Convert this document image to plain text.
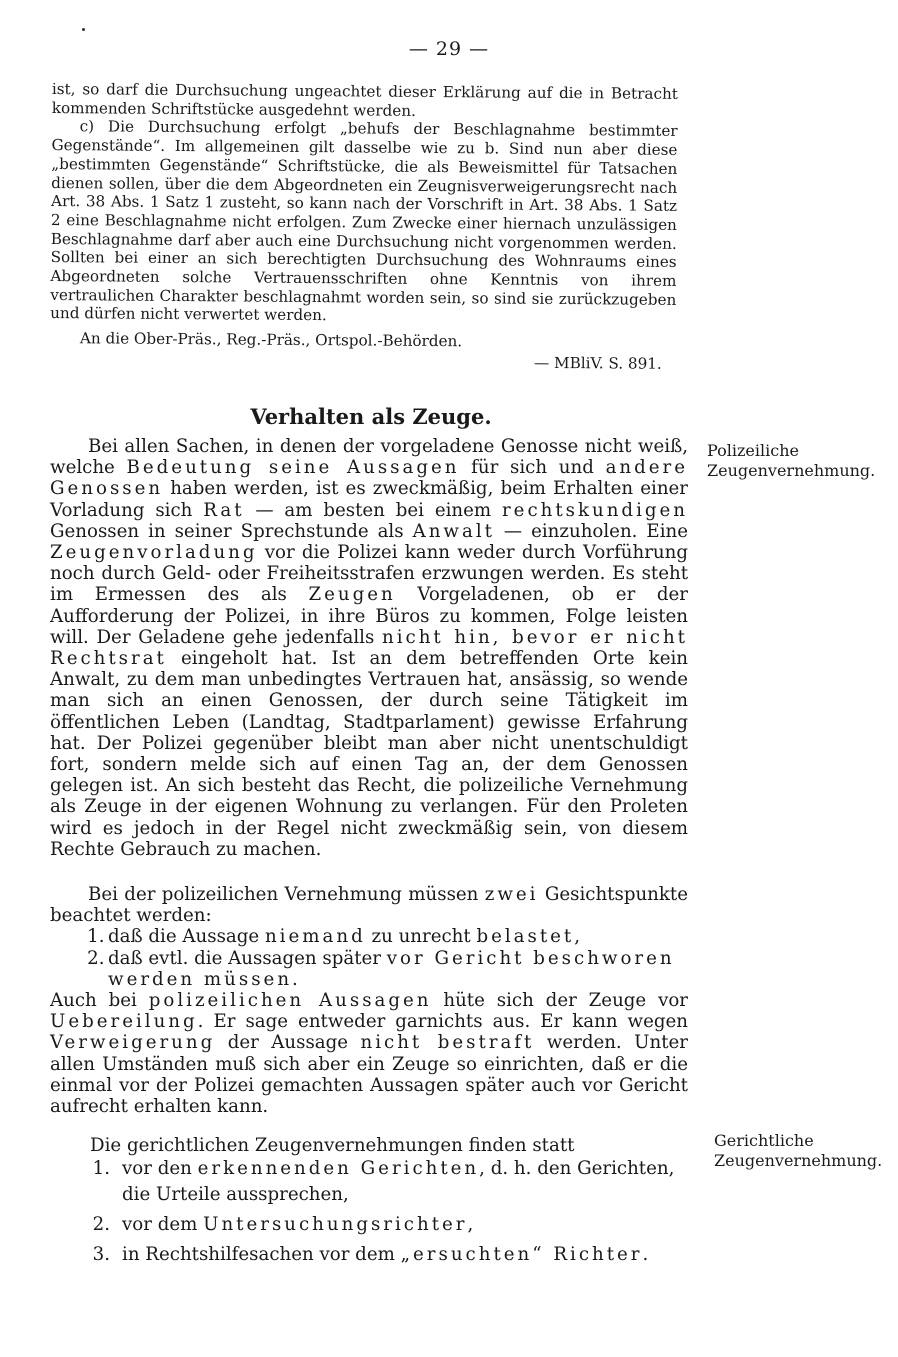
— 29 —

ist, so darf die Durchsuchung ungeachtet dieser Erklärung auf die in Betracht kommenden Schriftstücke ausgedehnt werden.

c) Die Durchsuchung erfolgt „behufs der Beschlagnahme bestimmter Gegenstände“. Im allgemeinen gilt dasselbe wie zu b. Sind nun aber diese „bestimmten Gegenstände“ Schriftstücke, die als Beweismittel für Tatsachen dienen sollen, über die dem Abgeordneten ein Zeugnisverweigerungsrecht nach Art. 38 Abs. 1 Satz 1 zusteht, so kann nach der Vorschrift in Art. 38 Abs. 1 Satz 2 eine Beschlagnahme nicht erfolgen. Zum Zwecke einer hiernach unzulässigen Beschlagnahme darf aber auch eine Durchsuchung nicht vorgenommen werden. Sollten bei einer an sich berechtigten Durchsuchung des Wohnraums eines Abgeordneten solche Vertrauensschriften ohne Kenntnis von ihrem vertraulichen Charakter beschlagnahmt worden sein, so sind sie zurückzugeben und dürfen nicht verwertet werden.

An die Ober-Präs., Reg.-Präs., Ortspol.-Behörden.

— MBliV. S. 891.

Verhalten als Zeuge.
Polizeiliche Zeugenvernehmung.
Gerichtliche Zeugenvernehmung.

Bei allen Sachen, in denen der vorgeladene Genosse nicht weiß, welche Bedeutung seine Aussagen für sich und andere Genossen haben werden, ist es zweckmäßig, beim Erhalten einer Vorladung sich Rat — am besten bei einem rechtskundigen Genossen in seiner Sprechstunde als Anwalt — einzuholen. Eine Zeugenvorladung vor die Polizei kann weder durch Vorführung noch durch Geld- oder Freiheitsstrafen erzwungen werden. Es steht im Ermessen des als Zeugen Vorgeladenen, ob er der Aufforderung der Polizei, in ihre Büros zu kommen, Folge leisten will. Der Geladene gehe jedenfalls nicht hin, bevor er nicht Rechtsrat eingeholt hat. Ist an dem betreffenden Orte kein Anwalt, zu dem man unbedingtes Vertrauen hat, ansässig, so wende man sich an einen Genossen, der durch seine Tätigkeit im öffentlichen Leben (Landtag, Stadtparlament) gewisse Erfahrung hat. Der Polizei gegenüber bleibt man aber nicht unentschuldigt fort, sondern melde sich auf einen Tag an, der dem Genossen gelegen ist. An sich besteht das Recht, die polizeiliche Vernehmung als Zeuge in der eigenen Wohnung zu verlangen. Für den Proleten wird es jedoch in der Regel nicht zweckmäßig sein, von diesem Rechte Gebrauch zu machen.

Bei der polizeilichen Vernehmung müssen zwei Gesichtspunkte beachtet werden:

1. daß die Aussage niemand zu unrecht belastet,
2. daß evtl. die Aussagen später vor Gericht beschworen werden müssen.

Auch bei polizeilichen Aussagen hüte sich der Zeuge vor Uebereilung. Er sage entweder garnichts aus. Er kann wegen Verweigerung der Aussage nicht bestraft werden. Unter allen Umständen muß sich aber ein Zeuge so einrichten, daß er die einmal vor der Polizei gemachten Aussagen später auch vor Gericht aufrecht erhalten kann.

Die gerichtlichen Zeugenvernehmungen finden statt

1. vor den erkennenden Gerichten, d. h. den Gerichten, die Urteile aussprechen,
2. vor dem Untersuchungsrichter,
3. in Rechtshilfesachen vor dem „ersuchten“ Richter.
